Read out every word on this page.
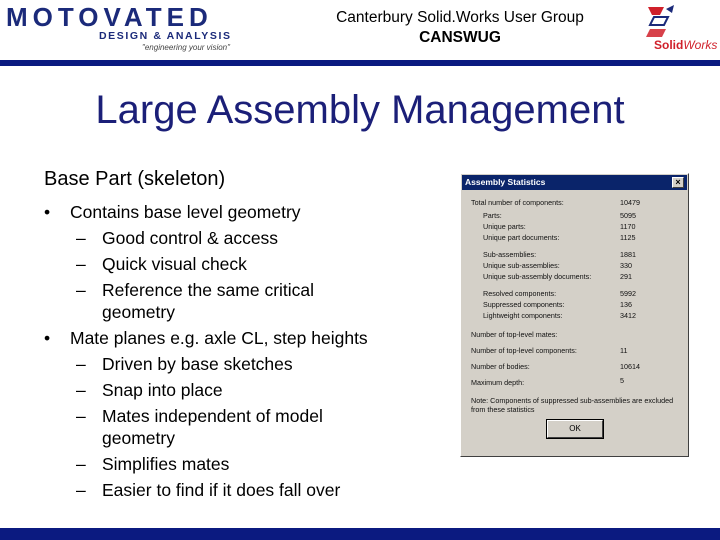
MOTOVATED
DESIGN & ANALYSIS
"engineering your vision"
Canterbury Solid.Works User Group
CANSWUG	SolidWorks
Large Assembly Management
Base Part (skeleton)
• Contains base level geometry
– Good control & access
– Quick visual check
– Reference the same critical geometry
• Mate planes e.g. axle CL, step heights
– Driven by base sketches
– Snap into place
– Mates independent of model geometry
– Simplifies mates
– Easier to find if it does fall over
Assembly Statistics	×
Total number of components:	10479
Parts:	5095
Unique parts:	1170
Unique part documents:	1125
Sub-assemblies:	1881
Unique sub-assemblies:	330
Unique sub-assembly documents:	291
Resolved components:	5992
Suppressed components:	136
Lightweight components:	3412
Number of top-level mates:
Number of top-level components:	11
Number of bodies:	10614
Maximum depth:	5
Note: Components of suppressed sub-assemblies are excluded from these statistics
OK
